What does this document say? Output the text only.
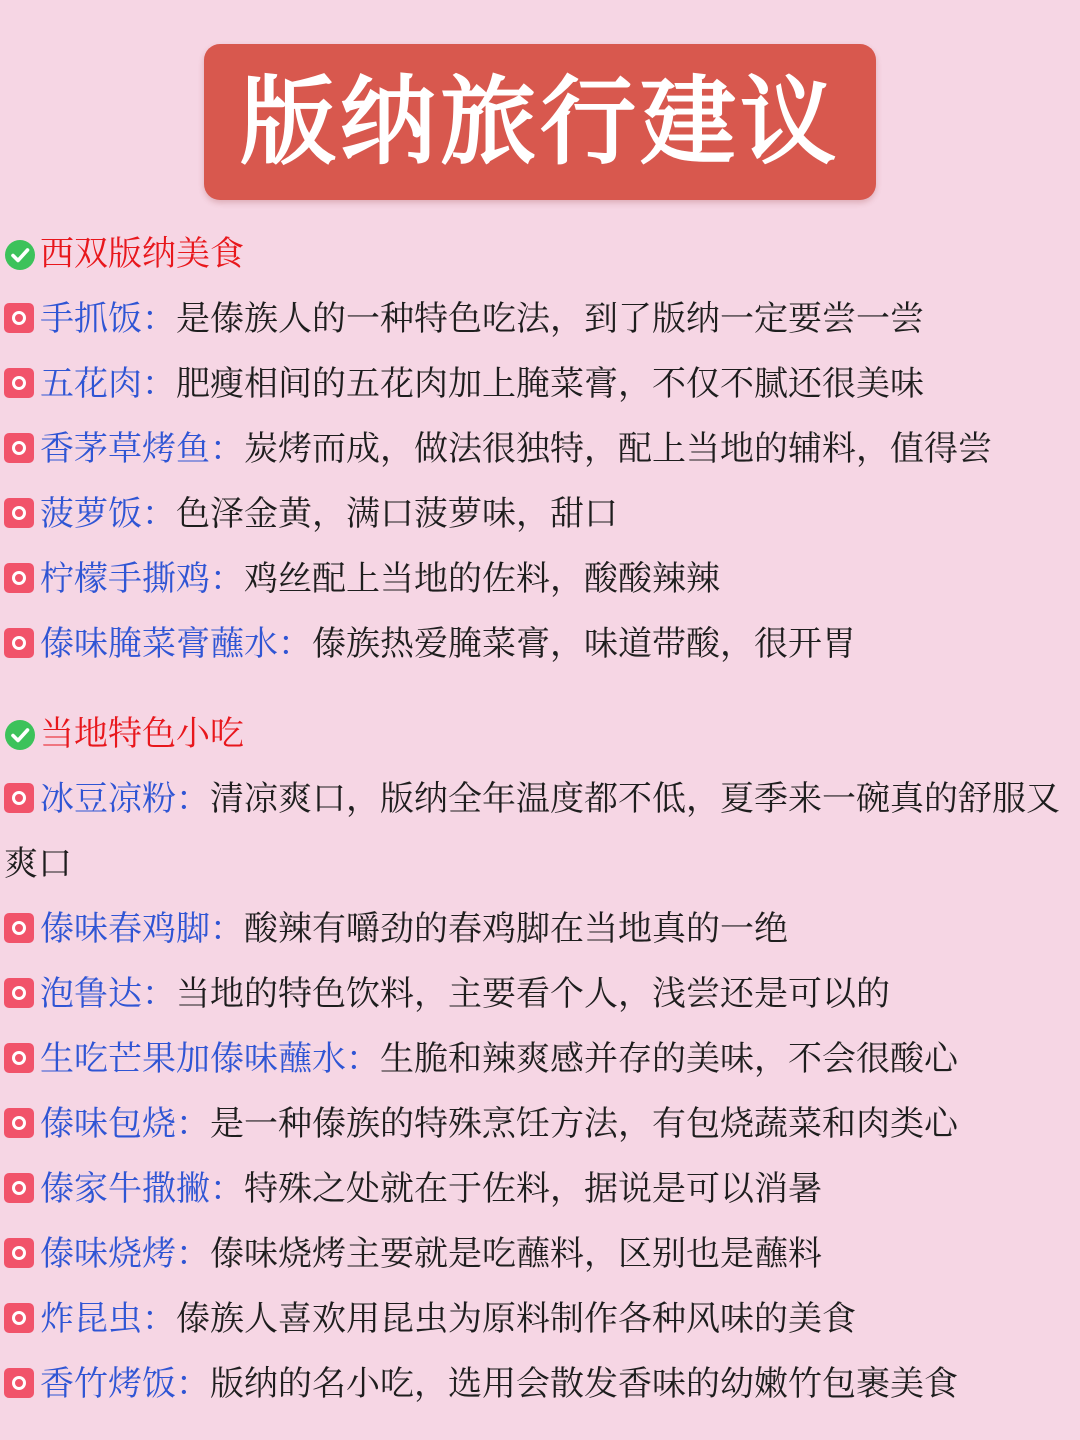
版纳旅行建议
西双版纳美食
手抓饭：是傣族人的一种特色吃法，到了版纳一定要尝一尝
五花肉：肥瘦相间的五花肉加上腌菜膏，不仅不腻还很美味
香茅草烤鱼：炭烤而成，做法很独特，配上当地的辅料，值得尝
菠萝饭：色泽金黄，满口菠萝味，甜口
柠檬手撕鸡：鸡丝配上当地的佐料，酸酸辣辣
傣味腌菜膏蘸水：傣族热爱腌菜膏，味道带酸，很开胃
当地特色小吃
冰豆凉粉：清凉爽口，版纳全年温度都不低，夏季来一碗真的舒服又爽口
傣味春鸡脚：酸辣有嚼劲的春鸡脚在当地真的一绝
泡鲁达：当地的特色饮料，主要看个人，浅尝还是可以的
生吃芒果加傣味蘸水：生脆和辣爽感并存的美味，不会很酸心
傣味包烧：是一种傣族的特殊烹饪方法，有包烧蔬菜和肉类心
傣家牛撒撇：特殊之处就在于佐料，据说是可以消暑
傣味烧烤：傣味烧烤主要就是吃蘸料，区别也是蘸料
炸昆虫：傣族人喜欢用昆虫为原料制作各种风味的美食
香竹烤饭：版纳的名小吃，选用会散发香味的幼嫩竹包裹美食
